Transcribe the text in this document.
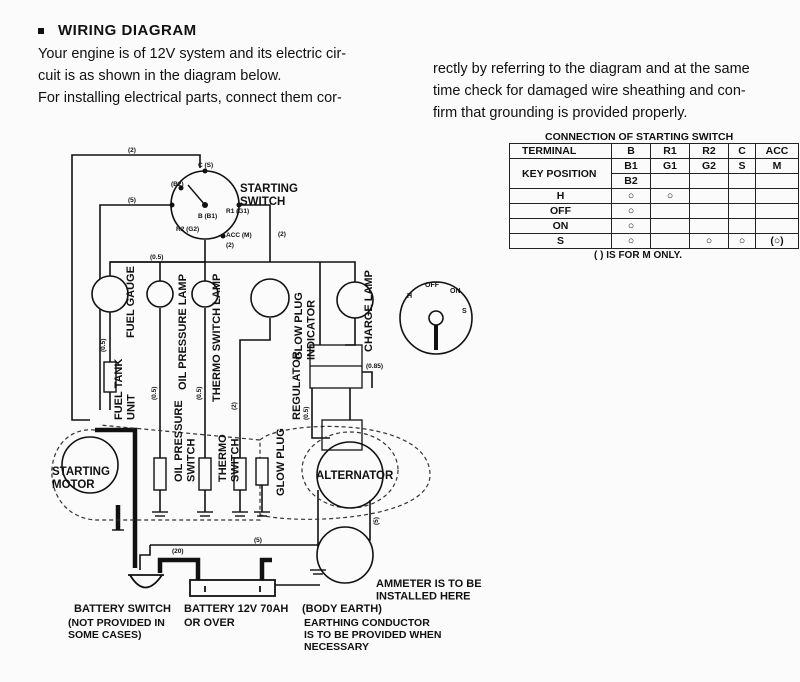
WIRING DIAGRAM
Your engine is of 12V system and its electric cir-
cuit is as shown in the diagram below.
For installing electrical parts, connect them cor-
rectly by referring to the diagram and at the same
time check for damaged wire sheathing and con-
firm that grounding is provided properly.
CONNECTION OF STARTING SWITCH
TERMINAL	B	R1	R2	C	ACC
KEY POSITION	B1	G1	G2	S	M
	B2				
H	○	○			
OFF	○				
ON	○				
S	○		○	○	(○)
( ) IS FOR M ONLY.
H
OFF
ON
S
STARTING SWITCH
STARTING MOTOR
ALTERNATOR
AMMETER IS TO BE INSTALLED HERE
BATTERY SWITCH
(NOT PROVIDED IN SOME CASES)
BATTERY 12V 70AH
OR OVER
(BODY EARTH)
EARTHING CONDUCTOR IS TO BE PROVIDED WHEN NECESSARY
FUEL GAUGE
FUEL TANKUNIT
OIL PRESSURE LAMP THERMO SWITCH LAMP	GLOW PLUGINDICATOR	CHARGE LAMP
REGULATOR
OIL PRESSURESWITCH THERMOSWITCH	GLOW PLUG
(2)
(5)
(0.5)
(2)
(2)
(0.5)
(0.5)	(0.5)
(2)
(0.85)
(0.5)
(20)
(5)
(5)
C (S)
(B2)
B (B1)
R1 (G1)
R2 (G2)
ACC (M)
